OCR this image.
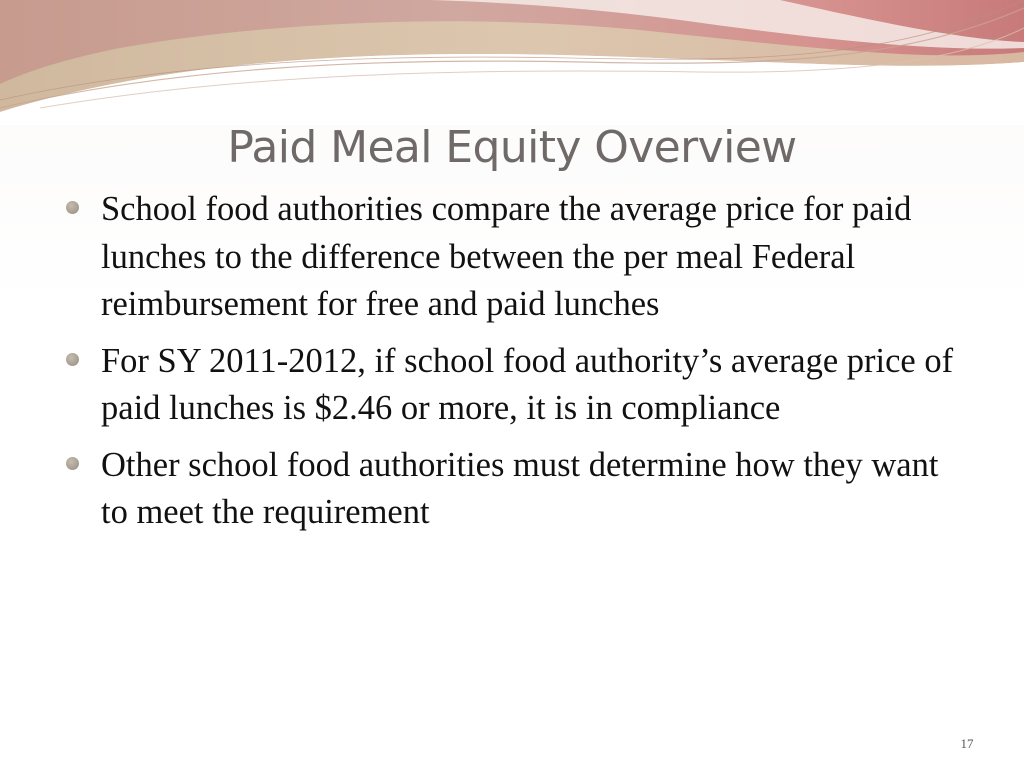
Paid Meal Equity Overview
School food authorities compare the average price for paid lunches to the difference between the per meal Federal reimbursement for free and paid lunches
For SY 2011-2012, if school food authority’s average price of paid lunches is $2.46 or more, it is in compliance
Other school food authorities must determine how they want to meet the requirement
17
